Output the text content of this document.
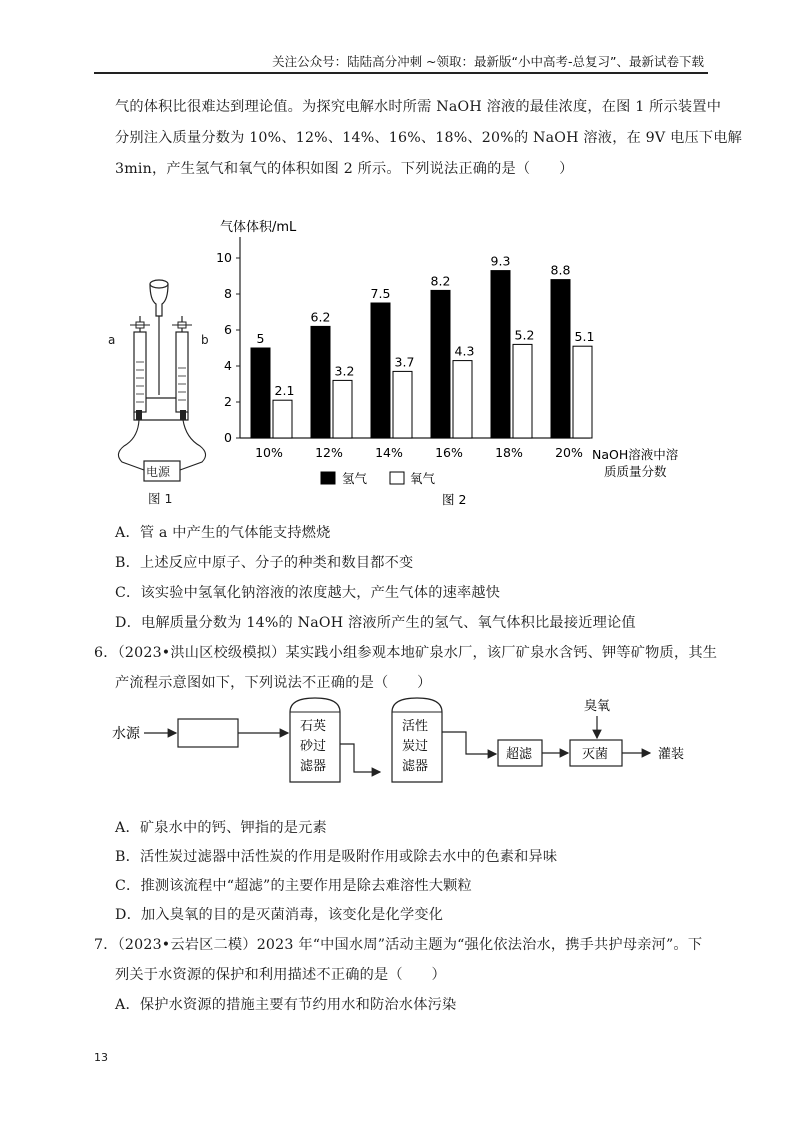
关注公众号：陆陆高分冲刺 ~领取：最新版“小中高考-总复习”、最新试卷下载
气的体积比很难达到理论值。为探究电解水时所需 NaOH 溶液的最佳浓度，在图 1 所示装置中
分别注入质量分数为 10%、12%、14%、16%、18%、20%的 NaOH 溶液，在 9V 电压下电解
3min，产生氢气和氧气的体积如图 2 所示。下列说法正确的是（　　）
a	b
电源
图 1
气体体积/mL
0
2
4
6
8
10
5
2.1
10%
6.2
3.2
12%
7.5
3.7
14%
8.2
4.3
16%
9.3
5.2
18%
8.8
5.1
20% NaOH溶液中溶
质质量分数
氢气	氧气
图 2
A．管 a 中产生的气体能支持燃烧
B．上述反应中原子、分子的种类和数目都不变
C．该实验中氢氧化钠溶液的浓度越大，产生气体的速率越快
D．电解质量分数为 14%的 NaOH 溶液所产生的氢气、氧气体积比最接近理论值
6．（2023•洪山区校级模拟）某实践小组参观本地矿泉水厂，该厂矿泉水含钙、钾等矿物质，其生
产流程示意图如下，下列说法不正确的是（　　）
水源	石英
砂过
滤器
活性
炭过
滤器
超滤
臭氧
灭菌	灌装
A．矿泉水中的钙、钾指的是元素
B．活性炭过滤器中活性炭的作用是吸附作用或除去水中的色素和异味
C．推测该流程中“超滤”的主要作用是除去难溶性大颗粒
D．加入臭氧的目的是灭菌消毒，该变化是化学变化
7．（2023•云岩区二模）2023 年“中国水周”活动主题为“强化依法治水，携手共护母亲河”。下
列关于水资源的保护和利用描述不正确的是（　　）
A．保护水资源的措施主要有节约用水和防治水体污染
13
